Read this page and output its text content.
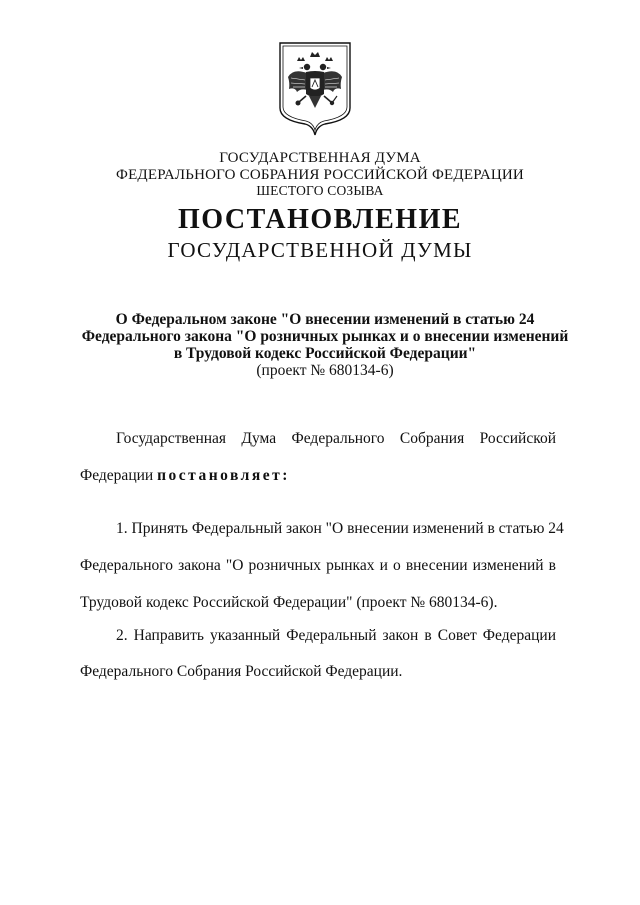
ГОСУДАРСТВЕННАЯ ДУМА
ФЕДЕРАЛЬНОГО СОБРАНИЯ РОССИЙСКОЙ ФЕДЕРАЦИИ
ШЕСТОГО СОЗЫВА
ПОСТАНОВЛЕНИЕ
ГОСУДАРСТВЕННОЙ ДУМЫ
О Федеральном законе "О внесении изменений в статью 24
Федерального закона "О розничных рынках и о внесении изменений
в Трудовой кодекс Российской Федерации"
(проект № 680134-6)
Государственная Дума Федерального Собрания Российской
Федерации постановляет:
1. Принять Федеральный закон "О внесении изменений в статью 24
Федерального закона "О розничных рынках и о внесении изменений в
Трудовой кодекс Российской Федерации" (проект № 680134-6).
2. Направить указанный Федеральный закон в Совет Федерации
Федерального Собрания Российской Федерации.
